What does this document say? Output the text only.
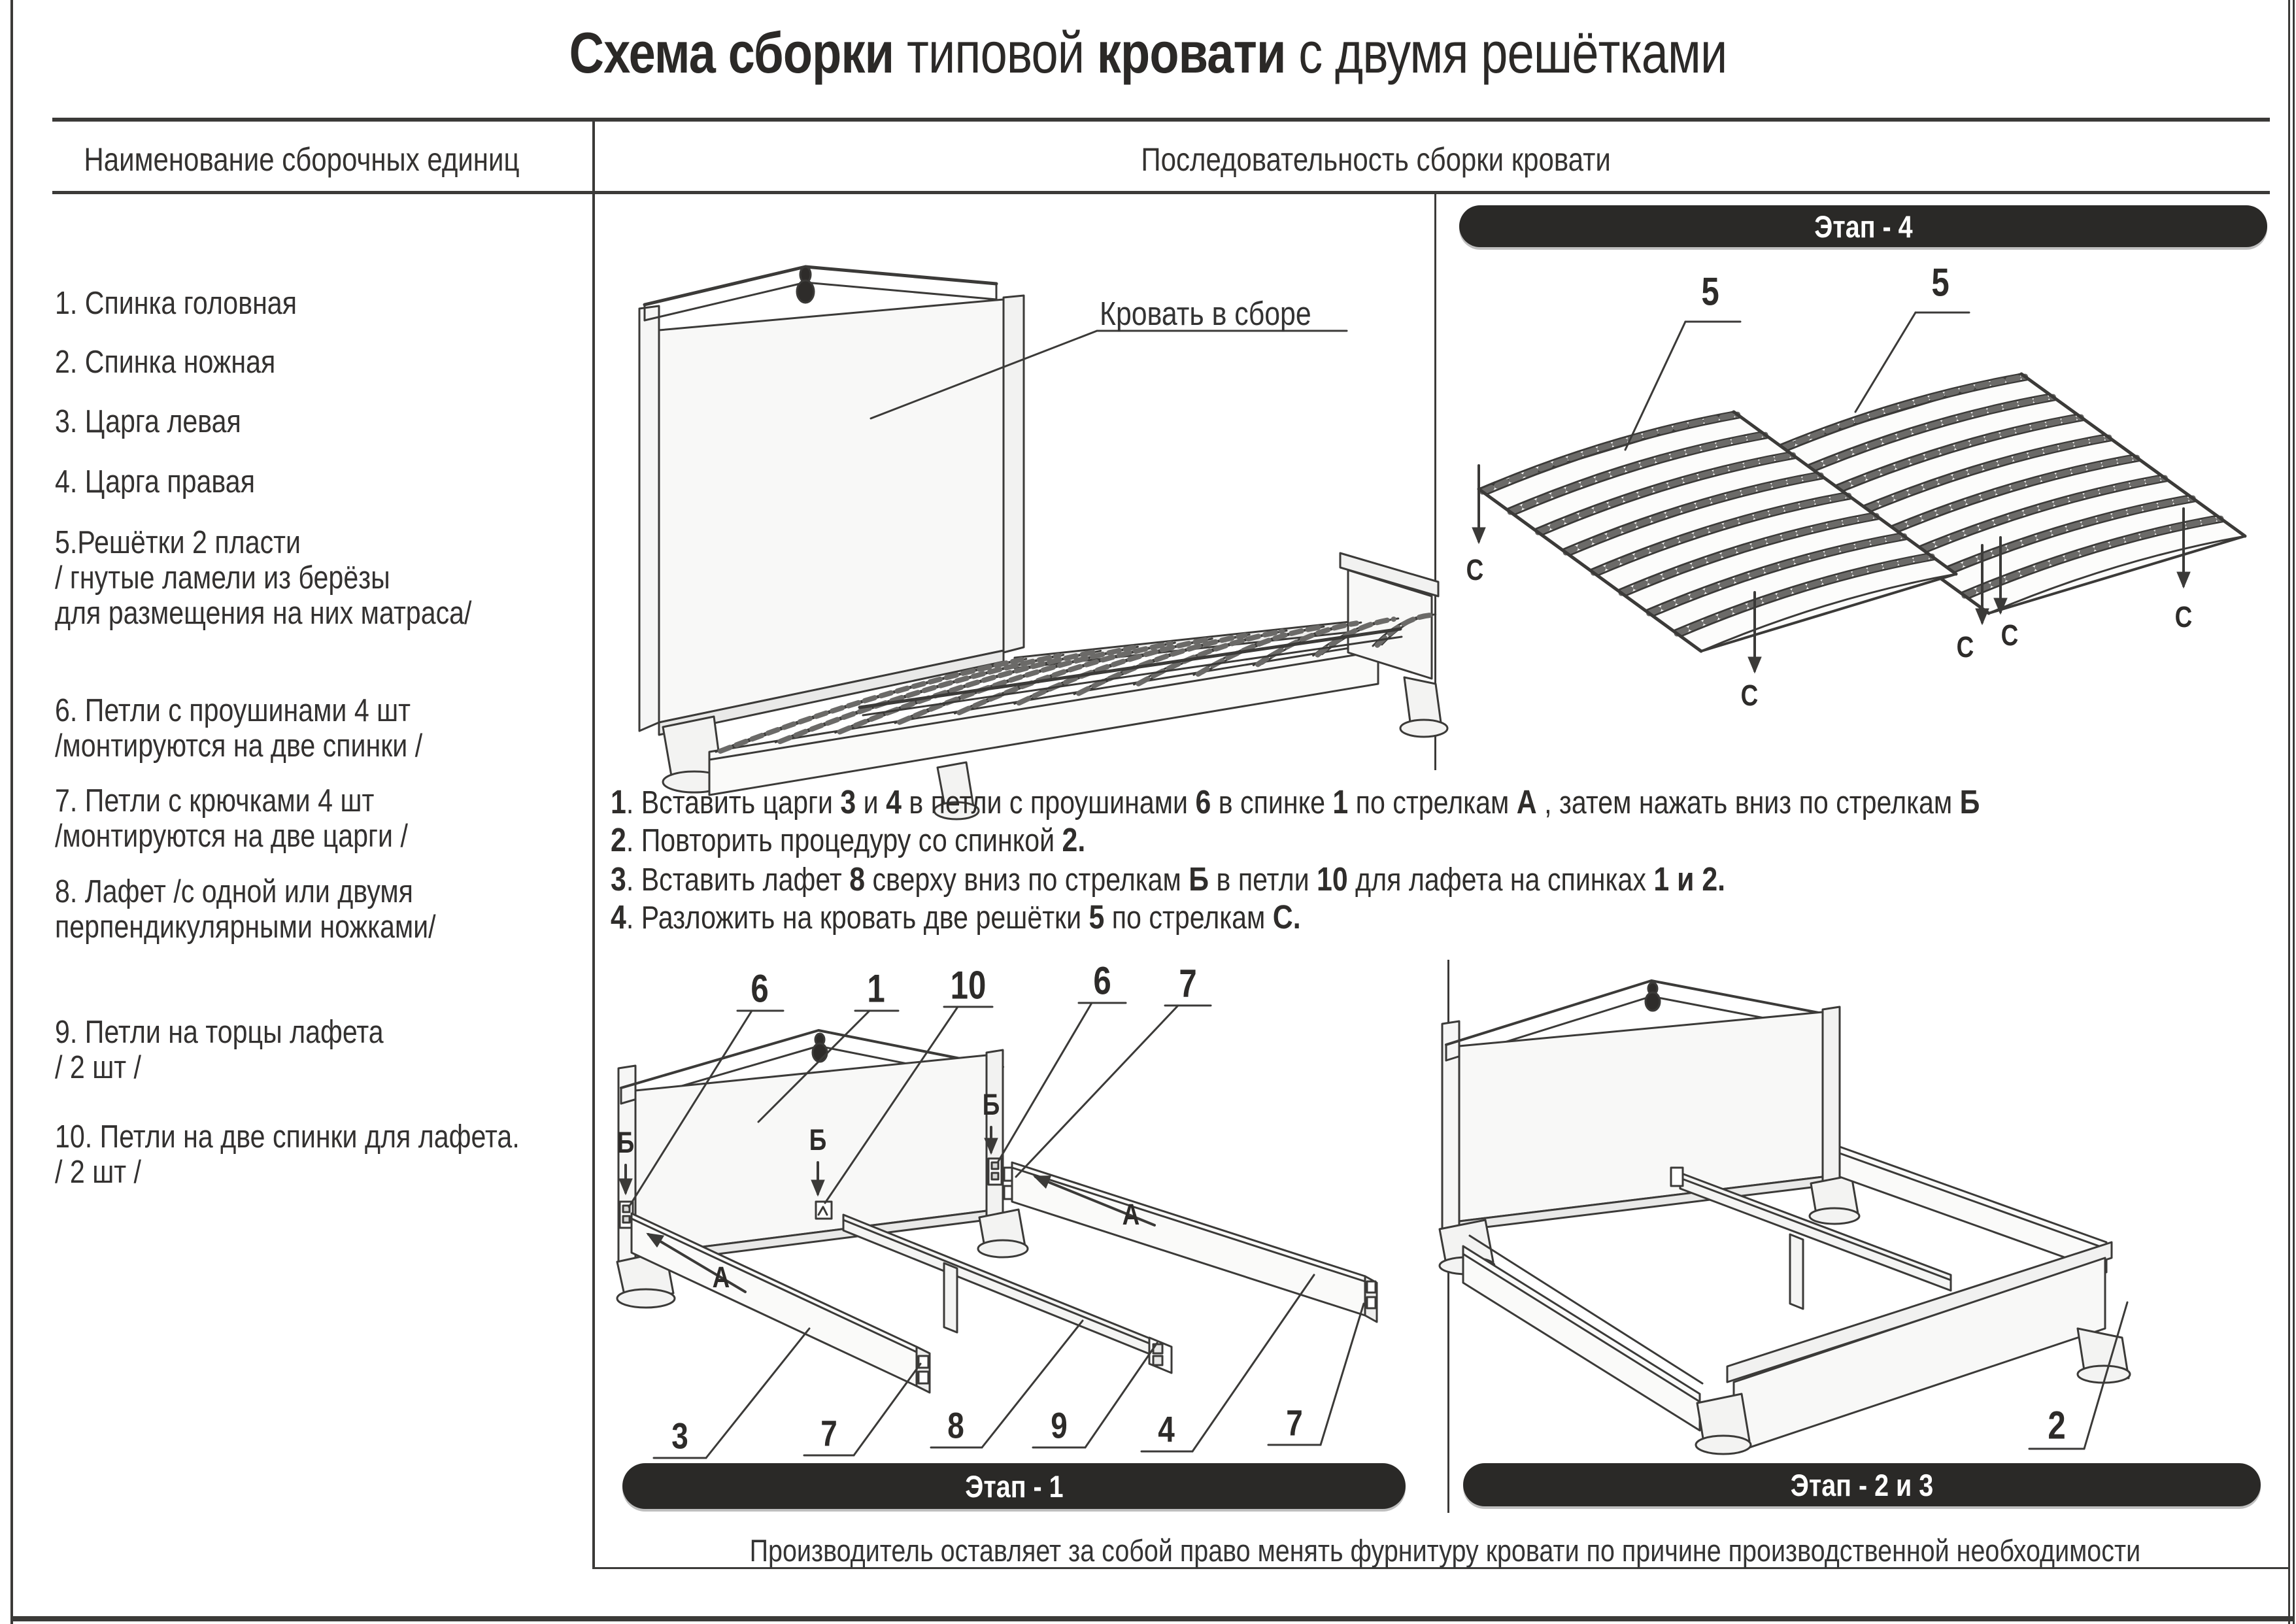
Схема сборки типовой кровати с двумя решётками
Наименование сборочных единиц	Последовательность сборки кровати
1. Спинка головная
2. Спинка ножная
3. Царга левая
4. Царга правая
5.Решётки 2 пласти
/ гнутые ламели из берёзы
для размещения на них матраса/
6. Петли с проушинами 4 шт
/монтируются на две спинки /
7. Петли с крючками 4 шт
/монтируются на две царги /
8. Лафет /с одной или двумя
перпендикулярными ножками/
9. Петли на торцы лафета
/ 2 шт /
10. Петли на две спинки для лафета.
/ 2 шт /
Кровать в сборе
Этап - 4
Этап - 1	Этап - 2 и 3
1. Вставить царги 3 и 4 в петли с проушинами 6 в спинке 1 по стрелкам А , затем нажать вниз по стрелкам Б
2. Повторить процедуру со спинкой 2.
3. Вставить лафет 8 сверху вниз по стрелкам Б в петли 10 для лафета на спинках 1 и 2.
4. Разложить на кровать две решётки 5 по стрелкам С.
5	5
С
С
С С
С
6	1 10	6 7
Б	Б
Б
А
А
3	7	8 9 4	7	2
Производитель оставляет за собой право менять фурнитуру кровати по причине производственной необходимости
